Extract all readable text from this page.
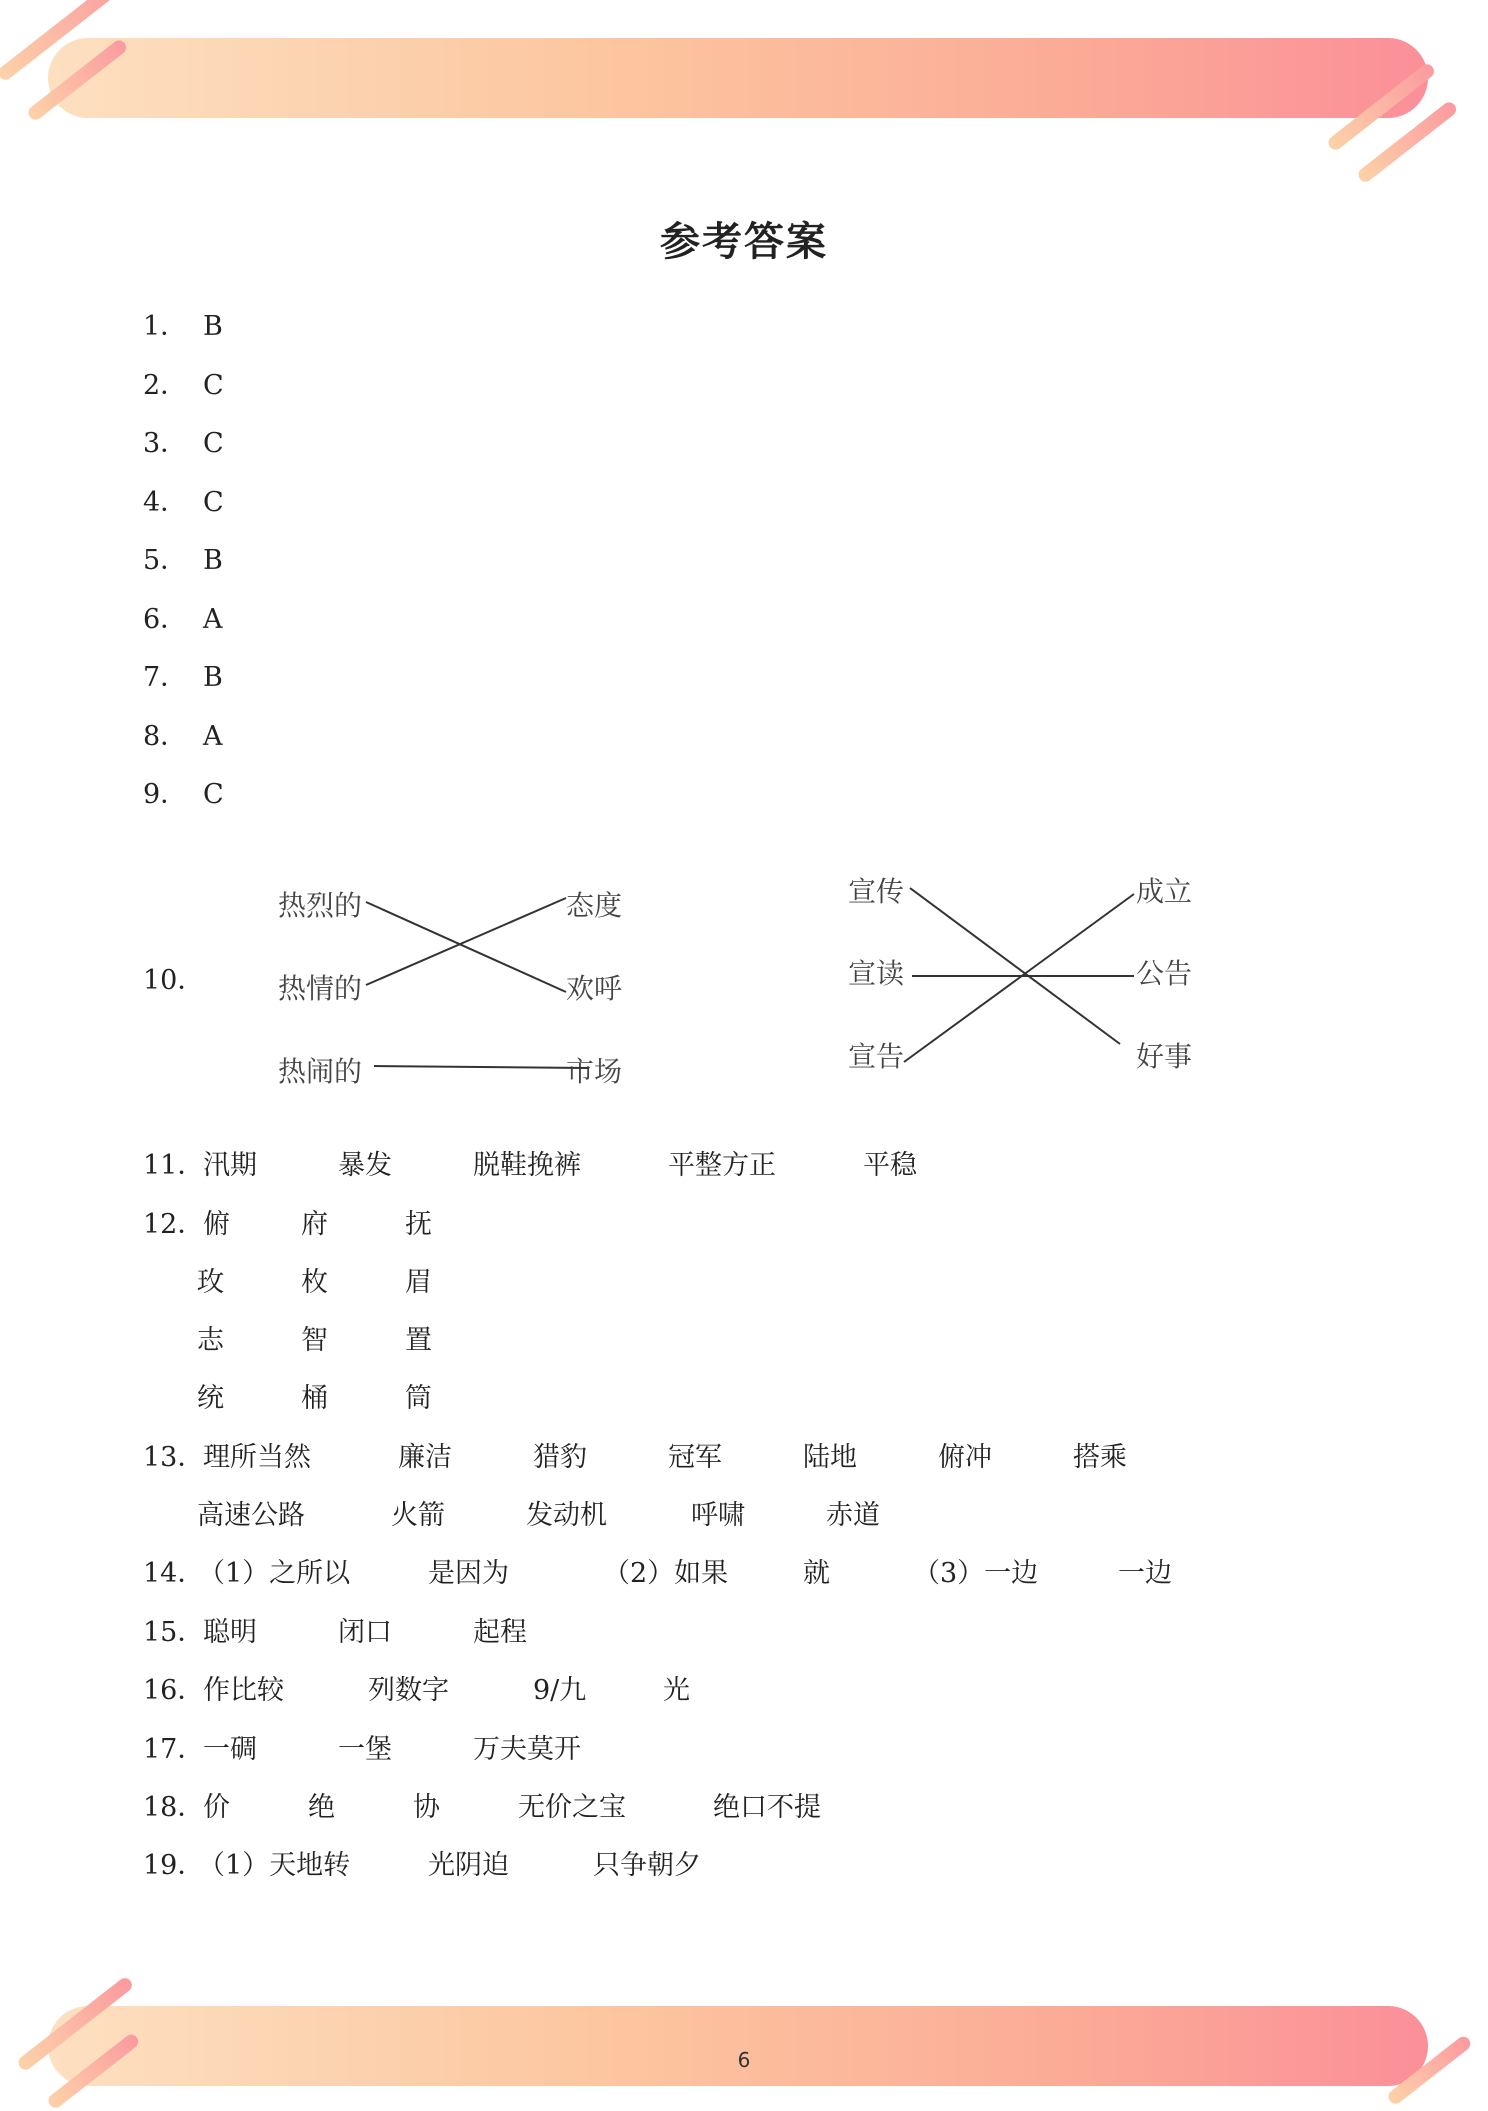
参考答案
1． B
2． C
3． C
4． C
5． B
6． A
7． B
8． A
9． C
10．
热烈的
热情的
热闹的
态度
欢呼
市场
宣传
宣读
宣告
成立
公告
好事
11．
汛期	暴发	脱鞋挽裤	平整方正	平稳
12．
俯	府	抚
玫	枚	眉
志	智	置
统	桶	筒
13．
理所当然	廉洁	猎豹	冠军	陆地	俯冲	搭乘
高速公路	火箭	发动机	呼啸	赤道
14．
（1）之所以	是因为	（2）如果	就	（3）一边	一边
15．
聪明	闭口	起程
16．
作比较	列数字	9/九	光
17．
一碉	一堡	万夫莫开
18．
价	绝	协	无价之宝	绝口不提
19．
（1）天地转	光阴迫	只争朝夕
6
